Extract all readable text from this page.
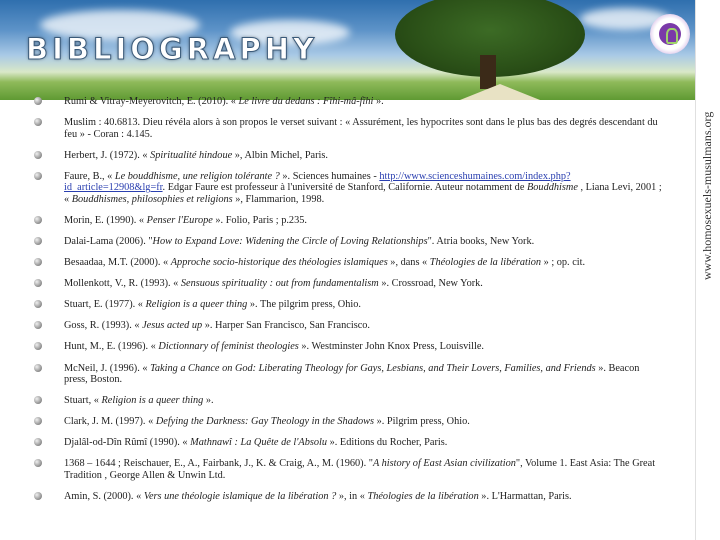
BIBLIOGRAPHY
www.homosexuels-musulmans.org
Rumi & Vitray-Meyerovitch, E. (2010). « Le livre du dedans : Fîhi-mâ-fîhi ».
Muslim : 40.6813. Dieu révéla alors à son propos le verset suivant : « Assurément, les hypocrites sont dans le plus bas des degrés descendant du feu » - Coran : 4.145.
Herbert, J. (1972). « Spiritualité hindoue », Albin Michel, Paris.
Faure, B., « Le bouddhisme, une religion tolérante ? ». Sciences humaines - http://www.scienceshumaines.com/index.php?id_article=12908&lg=fr. Edgar Faure est professeur à l'université de Stanford, Californie. Auteur notamment de Bouddhisme , Liana Levi, 2001 ; « Bouddhismes, philosophies et religions », Flammarion, 1998.
Morin, E. (1990). « Penser l'Europe ». Folio, Paris ; p.235.
Dalai-Lama (2006). "How to Expand Love: Widening the Circle of Loving Relationships". Atria books, New York.
Besaadaa, M.T. (2000). « Approche socio-historique des théologies islamiques », dans « Théologies de la libération » ; op. cit.
Mollenkott, V., R. (1993). « Sensuous spirituality : out from fundamentalism ». Crossroad, New York.
Stuart, E. (1977). « Religion is a queer thing ». The pilgrim press, Ohio.
Goss, R. (1993). « Jesus acted up ». Harper San Francisco, San Francisco.
Hunt, M., E. (1996). « Dictionnary of feminist theologies ». Westminster John Knox Press, Louisville.
McNeil, J. (1996). « Taking a Chance on God: Liberating Theology for Gays, Lesbians, and Their Lovers, Families, and Friends ». Beacon press, Boston.
Stuart, « Religion is a queer thing ».
Clark, J. M. (1997). « Defying the Darkness: Gay Theology in the Shadows ». Pilgrim press, Ohio.
Djalâl-od-Dîn Rûmî (1990). « Mathnawî : La Quête de l'Absolu ». Editions du Rocher, Paris.
1368 – 1644 ; Reischauer, E., A., Fairbank, J., K. & Craig, A., M. (1960). "A history of East Asian civilization", Volume 1. East Asia: The Great Tradition , George Allen & Unwin Ltd.
Amin, S. (2000). « Vers une théologie islamique de la libération ? », in « Théologies de la libération ». L'Harmattan, Paris.
